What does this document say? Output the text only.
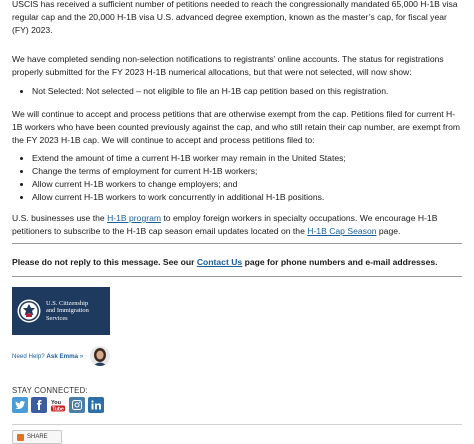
USCIS has received a sufficient number of petitions needed to reach the congressionally mandated 65,000 H-1B visa regular cap and the 20,000 H-1B visa U.S. advanced degree exemption, known as the master’s cap, for fiscal year (FY) 2023.

We have completed sending non-selection notifications to registrants’ online accounts. The status for registrations properly submitted for the FY 2023 H-1B numerical allocations, but that were not selected, will now show:

• Not Selected: Not selected – not eligible to file an H-1B cap petition based on this registration.

We will continue to accept and process petitions that are otherwise exempt from the cap. Petitions filed for current H-1B workers who have been counted previously against the cap, and who still retain their cap number, are exempt from the FY 2023 H-1B cap. We will continue to accept and process petitions filed to:

• Extend the amount of time a current H-1B worker may remain in the United States;
• Change the terms of employment for current H-1B workers;
• Allow current H-1B workers to change employers; and
• Allow current H-1B workers to work concurrently in additional H-1B positions.

U.S. businesses use the H-1B program to employ foreign workers in specialty occupations. We encourage H-1B petitioners to subscribe to the H-1B cap season email updates located on the H-1B Cap Season page.

Please do not reply to this message. See our Contact Us page for phone numbers and e-mail addresses.
U.S. Citizenship
and Immigration
Services
Need Help? Ask Emma »
STAY CONNECTED:
You
Tube
SHARE
